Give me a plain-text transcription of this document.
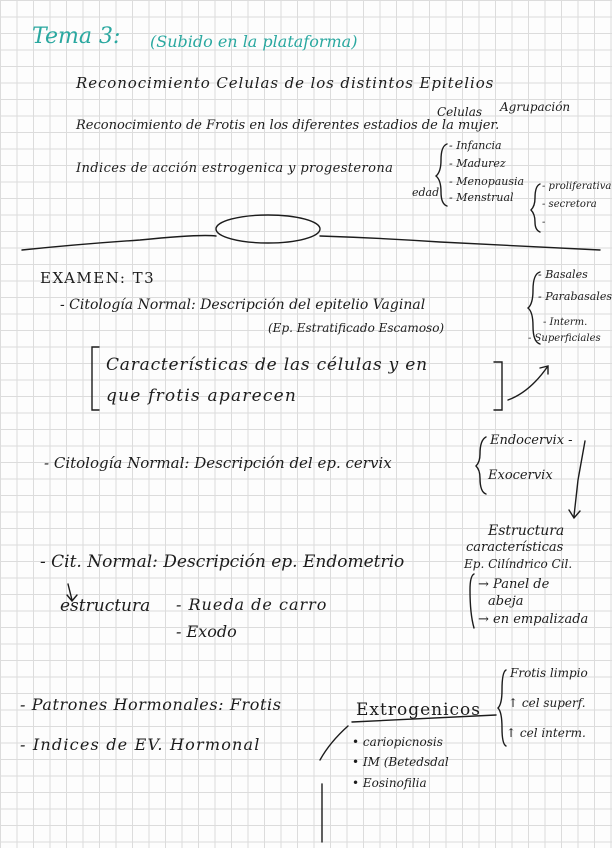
Tema 3: (Subido en la plataforma)
Reconocimiento Celulas de los distintos Epitelios
Celulas Agrupación
Reconocimiento de Frotis en los diferentes estadios de la mujer.
Indices de acción estrogenica y progesterona
edad
- Infancia
- Madurez
- Menopausia
- Menstrual
- proliferativa
- secretora
-
EXAMEN: T3
- Citología Normal: Descripción del epitelio Vaginal
(Ep. Estratificado Escamoso)
Características de las células y en
que frotis aparecen
- Basales
- Parabasales
- Interm.
- Superficiales
- Citología Normal: Descripción del ep. cervix
Endocervix -
Exocervix
Estructura
características
Ep. Cilíndrico Cil.
→ Panel de
abeja
→ en empalizada
- Cit. Normal: Descripción ep. Endometrio
estructura - Rueda de carro
- Exodo
- Patrones Hormonales: Frotis
- Indices de EV. Hormonal
Extrogenicos
• cariopicnosis
• IM (Betedsdal
• Eosinofilia
Frotis limpio
↑ cel superf.
↑ cel interm.
